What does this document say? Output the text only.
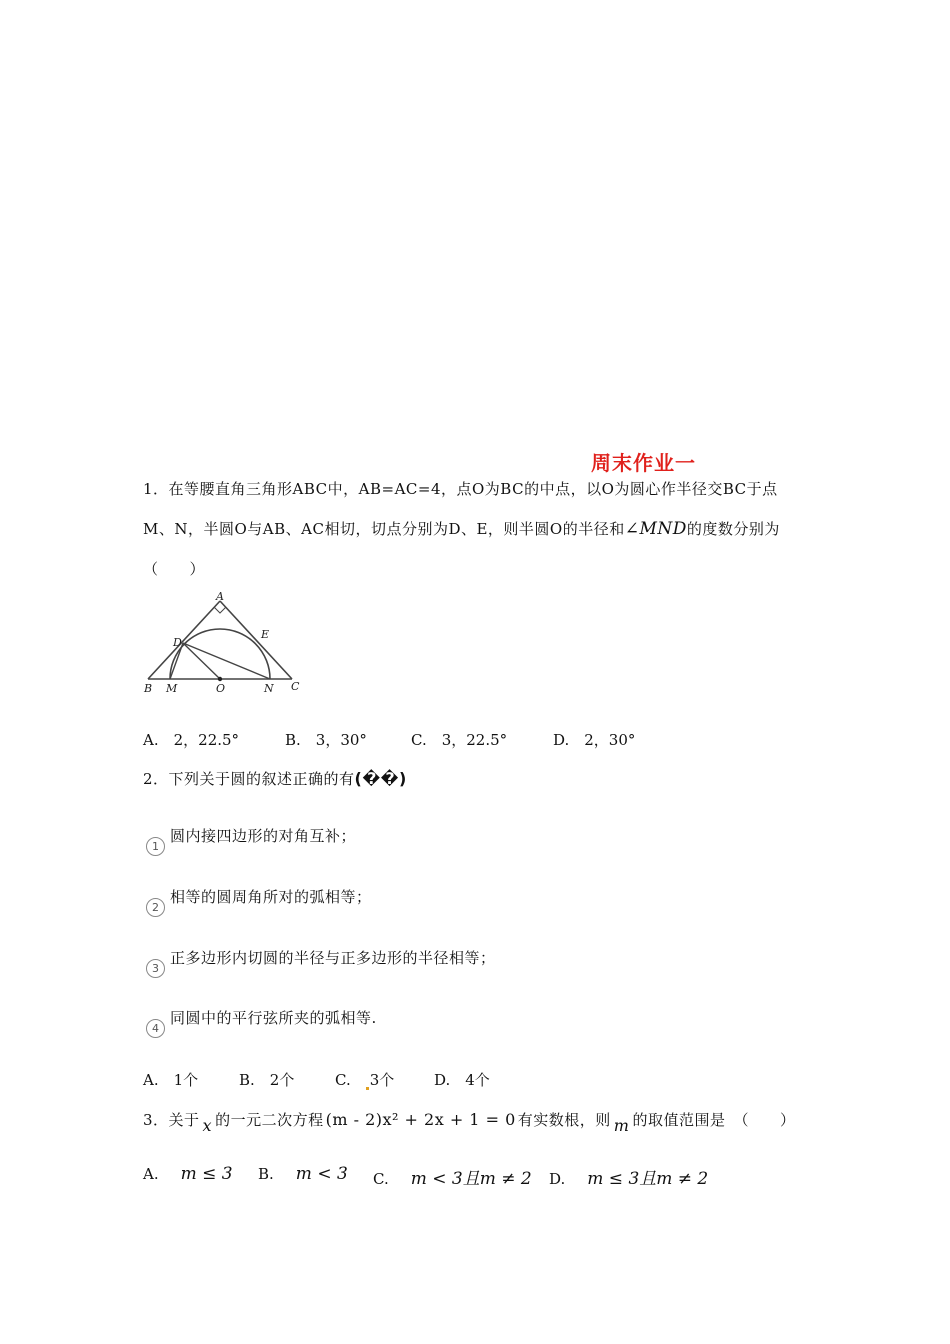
周末作业一
1．在等腰直角三角形ABC中，AB=AC=4，点O为BC的中点，以O为圆心作半径交BC于点
M、N，半圆O与AB、AC相切，切点分别为D、E，则半圆O的半径和∠MND的度数分别为
（　　）
A
D
E
B M	O	N C
A.　2，22.5°	B.　3，30°	C.　3，22.5°	D.　2，30°
2．下列关于圆的叙述正确的有(��)
1
圆内接四边形的对角互补；
2
相等的圆周角所对的弧相等；
3
正多边形内切圆的半径与正多边形的半径相等；
4
同圆中的平行弦所夹的弧相等.
A.　1个	B.　2个	C.　3个	D.　4个
3．关于 x 的一元二次方程 (m - 2)x² + 2x + 1 = 0 有实数根，则 m 的取值范围是　（　　）
A. m ≤ 3 B. m < 3 C. m < 3且m ≠ 2 D. m ≤ 3且m ≠ 2
